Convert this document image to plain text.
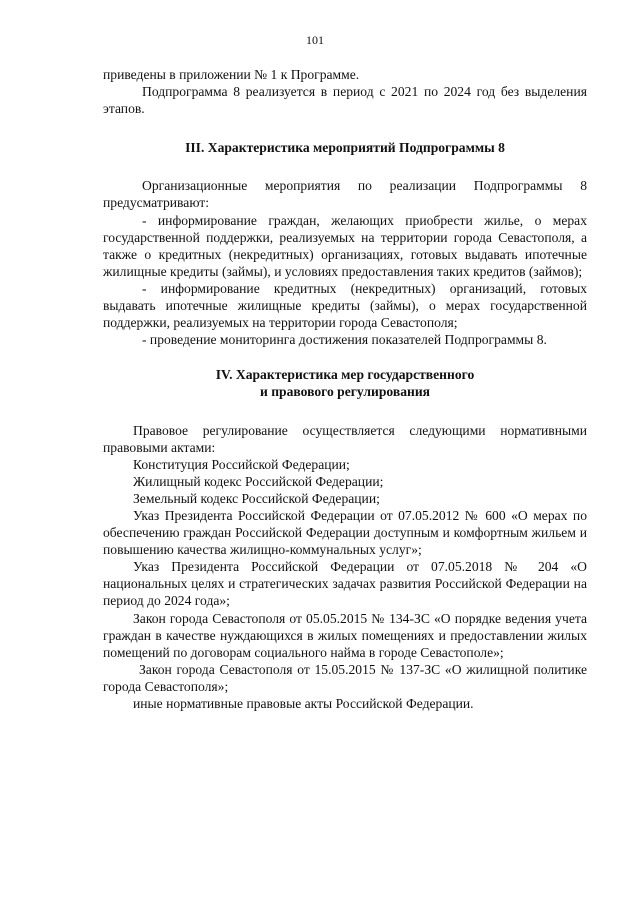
101

приведены в приложении № 1 к Программе.

Подпрограмма 8 реализуется в период с 2021 по 2024 год без выделения этапов.

III. Характеристика мероприятий Подпрограммы 8

Организационные мероприятия по реализации Подпрограммы 8 предусматривают:

- информирование граждан, желающих приобрести жилье, о мерах государственной поддержки, реализуемых на территории города Севастополя, а также о кредитных (некредитных) организациях, готовых выдавать ипотечные жилищные кредиты (займы), и условиях предоставления таких кредитов (займов);

- информирование кредитных (некредитных) организаций, готовых выдавать ипотечные жилищные кредиты (займы), о мерах государственной поддержки, реализуемых на территории города Севастополя;

- проведение мониторинга достижения показателей Подпрограммы 8.

IV. Характеристика мер государственного

и правового регулирования

Правовое регулирование осуществляется следующими нормативными правовыми актами:

Конституция Российской Федерации;

Жилищный кодекс Российской Федерации;

Земельный кодекс Российской Федерации;

Указ Президента Российской Федерации от 07.05.2012 № 600 «О мерах по обеспечению граждан Российской Федерации доступным и комфортным жильем и повышению качества жилищно-коммунальных услуг»;

Указ Президента Российской Федерации от 07.05.2018 № 204 «О национальных целях и стратегических задачах развития Российской Федерации на период до 2024 года»;

Закон города Севастополя от 05.05.2015 № 134-ЗС «О порядке ведения учета граждан в качестве нуждающихся в жилых помещениях и предоставлении жилых помещений по договорам социального найма в городе Севастополе»;

Закон города Севастополя от 15.05.2015 № 137-ЗС «О жилищной политике города Севастополя»;

иные нормативные правовые акты Российской Федерации.
